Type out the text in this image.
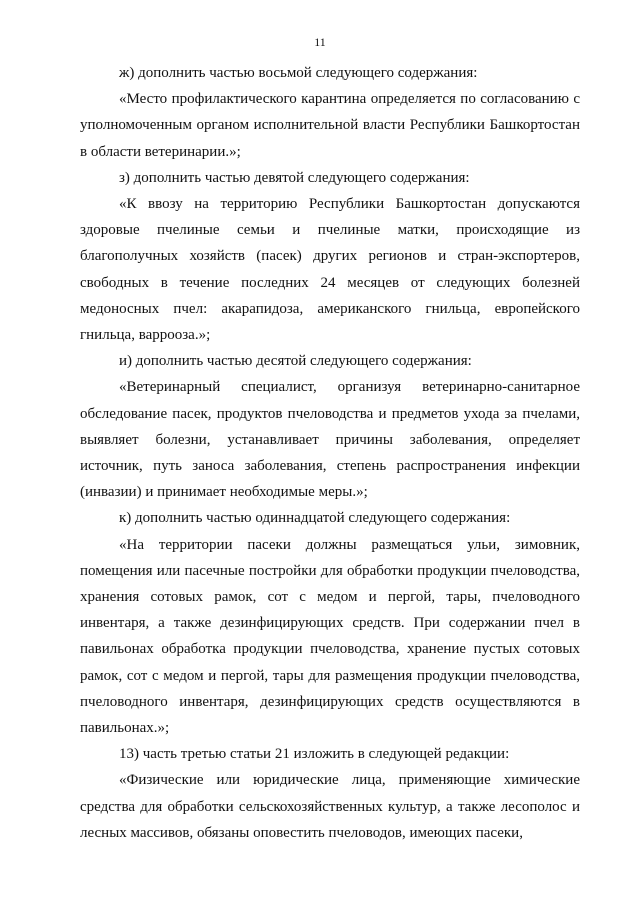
11

ж) дополнить частью восьмой следующего содержания:

«Место профилактического карантина определяется по согласованию с уполномоченным органом исполнительной власти Республики Башкортостан в области ветеринарии.»;

з) дополнить частью девятой следующего содержания:

«К ввозу на территорию Республики Башкортостан допускаются здоровые пчелиные семьи и пчелиные матки, происходящие из благополучных хозяйств (пасек) других регионов и стран-экспортеров, свободных в течение последних 24 месяцев от следующих болезней медоносных пчел: акарапидоза, американского гнильца, европейского гнильца, варрооза.»;

и) дополнить частью десятой следующего содержания:

«Ветеринарный специалист, организуя ветеринарно-санитарное обследование пасек, продуктов пчеловодства и предметов ухода за пчелами, выявляет болезни, устанавливает причины заболевания, определяет источник, путь заноса заболевания, степень распространения инфекции (инвазии) и принимает необходимые меры.»;

к) дополнить частью одиннадцатой следующего содержания:

«На территории пасеки должны размещаться ульи, зимовник, помещения или пасечные постройки для обработки продукции пчеловодства, хранения сотовых рамок, сот с медом и пергой, тары, пчеловодного инвентаря, а также дезинфицирующих средств. При содержании пчел в павильонах обработка продукции пчеловодства, хранение пустых сотовых рамок, сот с медом и пергой, тары для размещения продукции пчеловодства, пчеловодного инвентаря, дезинфицирующих средств осуществляются в павильонах.»;

13) часть третью статьи 21 изложить в следующей редакции:

«Физические или юридические лица, применяющие химические средства для обработки сельскохозяйственных культур, а также лесополос и лесных массивов, обязаны оповестить пчеловодов, имеющих пасеки,
